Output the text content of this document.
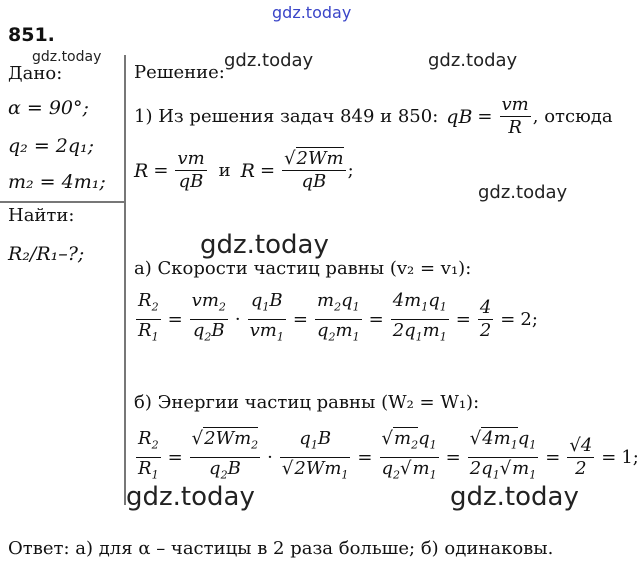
gdz.today
gdz.today	gdz.today	gdz.today
gdz.today
gdz.today
gdz.today	gdz.today
851.
Дано:
α = 90°;
q₂ = 2q₁;
m₂ = 4m₁;
Найти:
R₂/R₁–?;
Решение:
1) Из решения задач 849 и 850: qB = $\frac{vm}{R}$ , отсюда
$R = \frac{vm}{qB}$ и $R = \frac{√2Wm}{qB}$ ;
а) Скорости частиц равны (v₂ = v₁):
$\frac{R_2}{R_1} = \frac{vm_2}{q_2B} \cdot \frac{q_1B}{vm_1} = \frac{m_2q_1}{q_2m_1} = \frac{4m_1q_1}{2q_1m_1} = \frac{4}{2} = 2$;
б) Энергии частиц равны (W₂ = W₁):
$\frac{R_2}{R_1} = \frac{√2Wm_2}{q_2B} \cdot \frac{q_1B}{√2Wm_1} = \frac{√m_2q_1}{q_2√m_1} = \frac{√4m_1q_1}{2q_1√m_1} = \frac{√4}{2} = 1$;
Ответ: а) для α – частицы в 2 раза больше; б) одинаковы.
